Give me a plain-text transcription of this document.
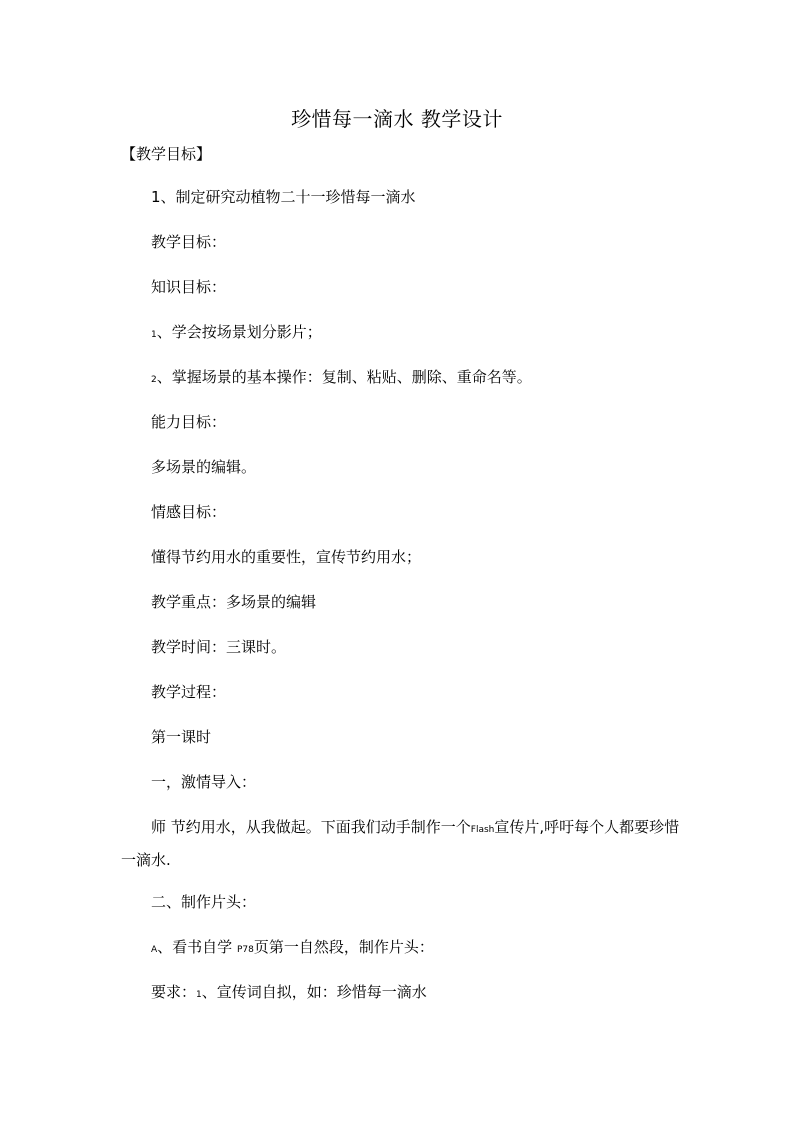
珍惜每一滴水 教学设计
【教学目标】
1、制定研究动植物二十一珍惜每一滴水
教学目标：
知识目标：
1、学会按场景划分影片；
2、掌握场景的基本操作：复制、粘贴、删除、重命名等。
能力目标：
多场景的编辑。
情感目标：
懂得节约用水的重要性，宣传节约用水；
教学重点：多场景的编辑
教学时间：三课时。
教学过程：
第一课时
一，激情导入：
师 节约用水，从我做起。下面我们动手制作一个Flash宣传片,呼吁每个人都要珍惜一滴水.
二、制作片头：
A、看书自学 P78页第一自然段，制作片头：
要求：1、宣传词自拟，如：珍惜每一滴水
